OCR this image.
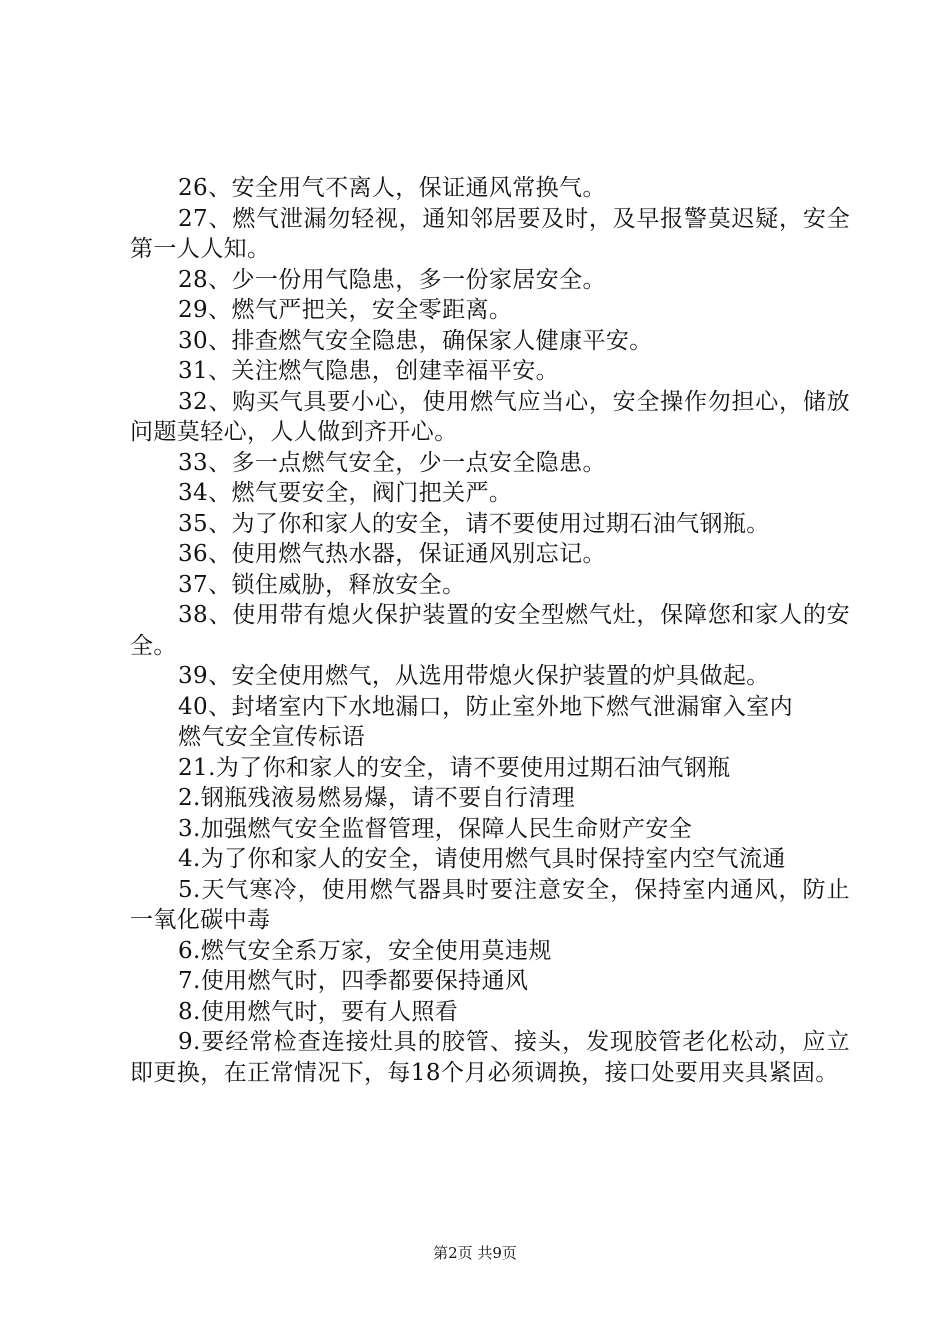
26、安全用气不离人，保证通风常换气。

27、燃气泄漏勿轻视，通知邻居要及时，及早报警莫迟疑，安全第一人人知。

28、少一份用气隐患，多一份家居安全。

29、燃气严把关，安全零距离。

30、排查燃气安全隐患，确保家人健康平安。

31、关注燃气隐患，创建幸福平安。

32、购买气具要小心，使用燃气应当心，安全操作勿担心，储放问题莫轻心，人人做到齐开心。

33、多一点燃气安全，少一点安全隐患。

34、燃气要安全，阀门把关严。

35、为了你和家人的安全，请不要使用过期石油气钢瓶。

36、使用燃气热水器，保证通风别忘记。

37、锁住威胁，释放安全。

38、使用带有熄火保护装置的安全型燃气灶，保障您和家人的安全。

39、安全使用燃气，从选用带熄火保护装置的炉具做起。

40、封堵室内下水地漏口，防止室外地下燃气泄漏窜入室内

燃气安全宣传标语

21.为了你和家人的安全，请不要使用过期石油气钢瓶

2.钢瓶残液易燃易爆，请不要自行清理

3.加强燃气安全监督管理，保障人民生命财产安全

4.为了你和家人的安全，请使用燃气具时保持室内空气流通

5.天气寒冷，使用燃气器具时要注意安全，保持室内通风，防止一氧化碳中毒

6.燃气安全系万家，安全使用莫违规

7.使用燃气时，四季都要保持通风

8.使用燃气时，要有人照看

9.要经常检查连接灶具的胶管、接头，发现胶管老化松动，应立即更换，在正常情况下，每18个月必须调换，接口处要用夹具紧固。

第2页 共9页
